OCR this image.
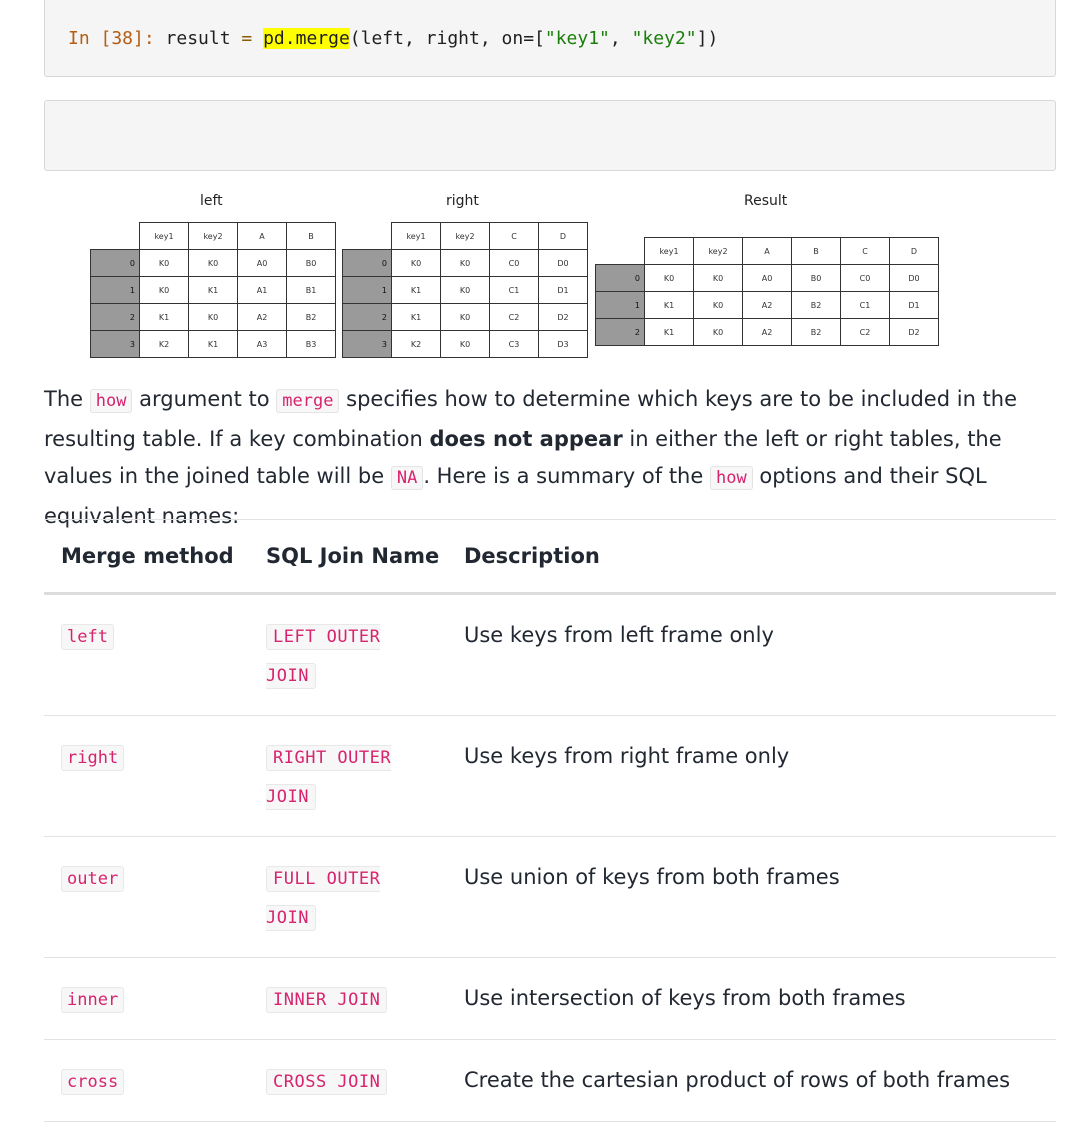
In [38]: result = pd.merge(left, right, on=["key1", "key2"])
left	right	Result
	key1	key2	A	B
0	K0	K0	A0	B0
1	K0	K1	A1	B1
2	K1	K0	A2	B2
3	K2	K1	A3	B3
	key1	key2	C	D
0	K0	K0	C0	D0
1	K1	K0	C1	D1
2	K1	K0	C2	D2
3	K2	K0	C3	D3
	key1	key2	A	B	C	D
0	K0	K0	A0	B0	C0	D0
1	K1	K0	A2	B2	C1	D1
2	K1	K0	A2	B2	C2	D2

The how argument to merge specifies how to determine which keys are to be included in the resulting table. If a key combination does not appear in either the left or right tables, the values in the joined table will be NA . Here is a summary of the how options and their SQL equivalent names:

Merge method	SQL Join Name	Description
left	LEFT OUTER JOIN	Use keys from left frame only
right	RIGHT OUTER JOIN	Use keys from right frame only
outer	FULL OUTER JOIN	Use union of keys from both frames
inner	INNER JOIN	Use intersection of keys from both frames
cross	CROSS JOIN	Create the cartesian product of rows of both frames
